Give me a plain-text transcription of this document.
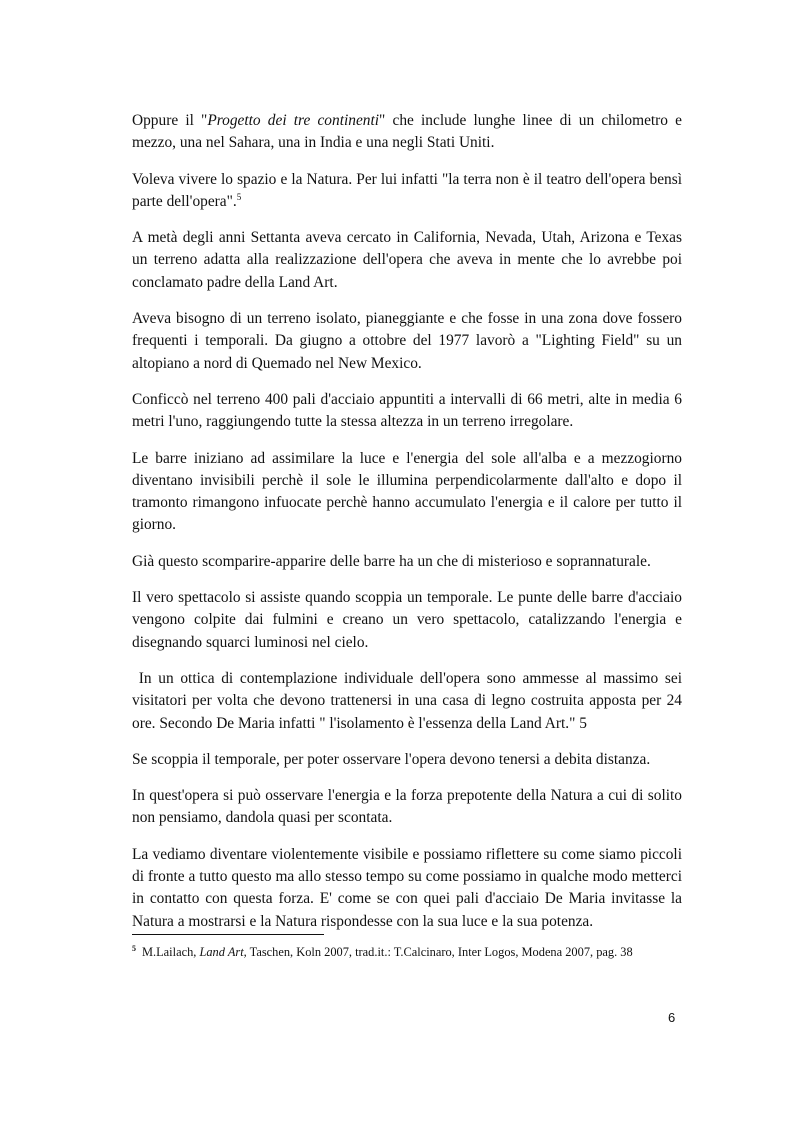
Oppure il "Progetto dei tre continenti" che include lunghe linee di un chilometro e mezzo, una nel Sahara, una in India e una negli Stati Uniti.

Voleva vivere lo spazio e la Natura. Per lui infatti "la terra non è il teatro dell'opera bensì parte dell'opera".$^5$

A metà degli anni Settanta aveva cercato in California, Nevada, Utah, Arizona e Texas un terreno adatta alla realizzazione dell'opera che aveva in mente che lo avrebbe poi conclamato padre della Land Art.

Aveva bisogno di un terreno isolato, pianeggiante e che fosse in una zona dove fossero frequenti i temporali. Da giugno a ottobre del 1977 lavorò a "Lighting Field" su un altopiano a nord di Quemado nel New Mexico.

Conficcò nel terreno 400 pali d'acciaio appuntiti a intervalli di 66 metri, alte in media 6 metri l'uno, raggiungendo tutte la stessa altezza in un terreno irregolare.

Le barre iniziano ad assimilare la luce e l'energia del sole all'alba e a mezzogiorno diventano invisibili perchè il sole le illumina perpendicolarmente dall'alto e dopo il tramonto rimangono infuocate perchè hanno accumulato l'energia e il calore per tutto il giorno.

Già questo scomparire-apparire delle barre ha un che di misterioso e soprannaturale.

Il vero spettacolo si assiste quando scoppia un temporale. Le punte delle barre d'acciaio vengono colpite dai fulmini e creano un vero spettacolo, catalizzando l'energia e disegnando squarci luminosi nel cielo.

In un ottica di contemplazione individuale dell'opera sono ammesse al massimo sei visitatori per volta che devono trattenersi in una casa di legno costruita apposta per 24 ore. Secondo De Maria infatti " l'isolamento è l'essenza della Land Art." 5

Se scoppia il temporale, per poter osservare l'opera devono tenersi a debita distanza.

In quest'opera si può osservare l'energia e la forza prepotente della Natura a cui di solito non pensiamo, dandola quasi per scontata.

La vediamo diventare violentemente visibile e possiamo riflettere su come siamo piccoli di fronte a tutto questo ma allo stesso tempo su come possiamo in qualche modo metterci in contatto con questa forza. E' come se con quei pali d'acciaio De Maria invitasse la Natura a mostrarsi e la Natura rispondesse con la sua luce e la sua potenza.

$^5$ M.Lailach, Land Art, Taschen, Koln 2007, trad.it.: T.Calcinaro, Inter Logos, Modena 2007, pag. 38
6
